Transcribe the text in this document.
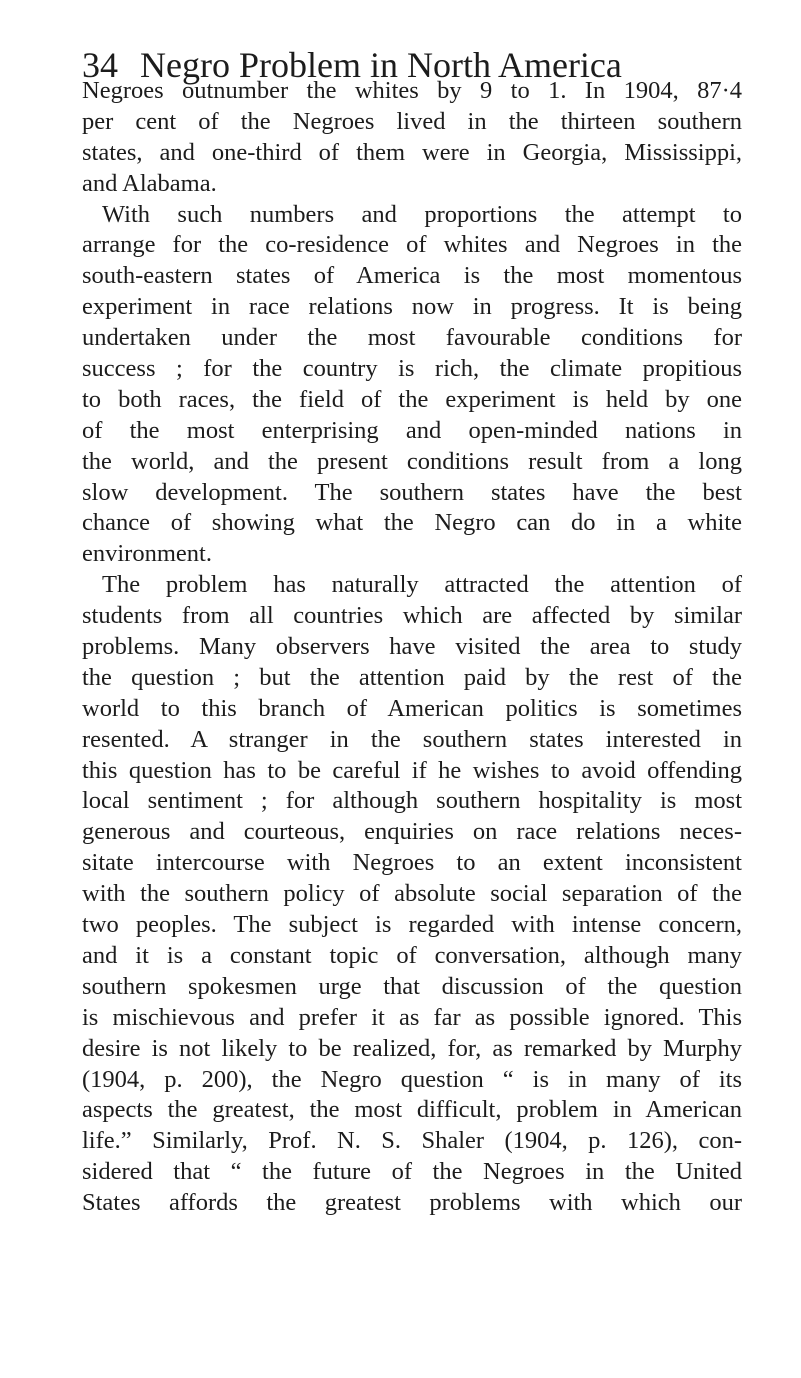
34 Negro Problem in North America
Negroes outnumber the whites by 9 to 1. In 1904, 87·4
per cent of the Negroes lived in the thirteen southern
states, and one-third of them were in Georgia, Mississippi,
and Alabama.
With such numbers and proportions the attempt to
arrange for the co-residence of whites and Negroes in the
south-eastern states of America is the most momentous
experiment in race relations now in progress. It is being
undertaken under the most favourable conditions for
success ; for the country is rich, the climate propitious
to both races, the field of the experiment is held by one
of the most enterprising and open-minded nations in
the world, and the present conditions result from a long
slow development. The southern states have the best
chance of showing what the Negro can do in a white
environment.
The problem has naturally attracted the attention of
students from all countries which are affected by similar
problems. Many observers have visited the area to study
the question ; but the attention paid by the rest of the
world to this branch of American politics is sometimes
resented. A stranger in the southern states interested in
this question has to be careful if he wishes to avoid offending
local sentiment ; for although southern hospitality is most
generous and courteous, enquiries on race relations neces-
sitate intercourse with Negroes to an extent inconsistent
with the southern policy of absolute social separation of the
two peoples. The subject is regarded with intense concern,
and it is a constant topic of conversation, although many
southern spokesmen urge that discussion of the question
is mischievous and prefer it as far as possible ignored. This
desire is not likely to be realized, for, as remarked by Murphy
(1904, p. 200), the Negro question “ is in many of its
aspects the greatest, the most difficult, problem in American
life.” Similarly, Prof. N. S. Shaler (1904, p. 126), con-
sidered that “ the future of the Negroes in the United
States affords the greatest problems with which our
